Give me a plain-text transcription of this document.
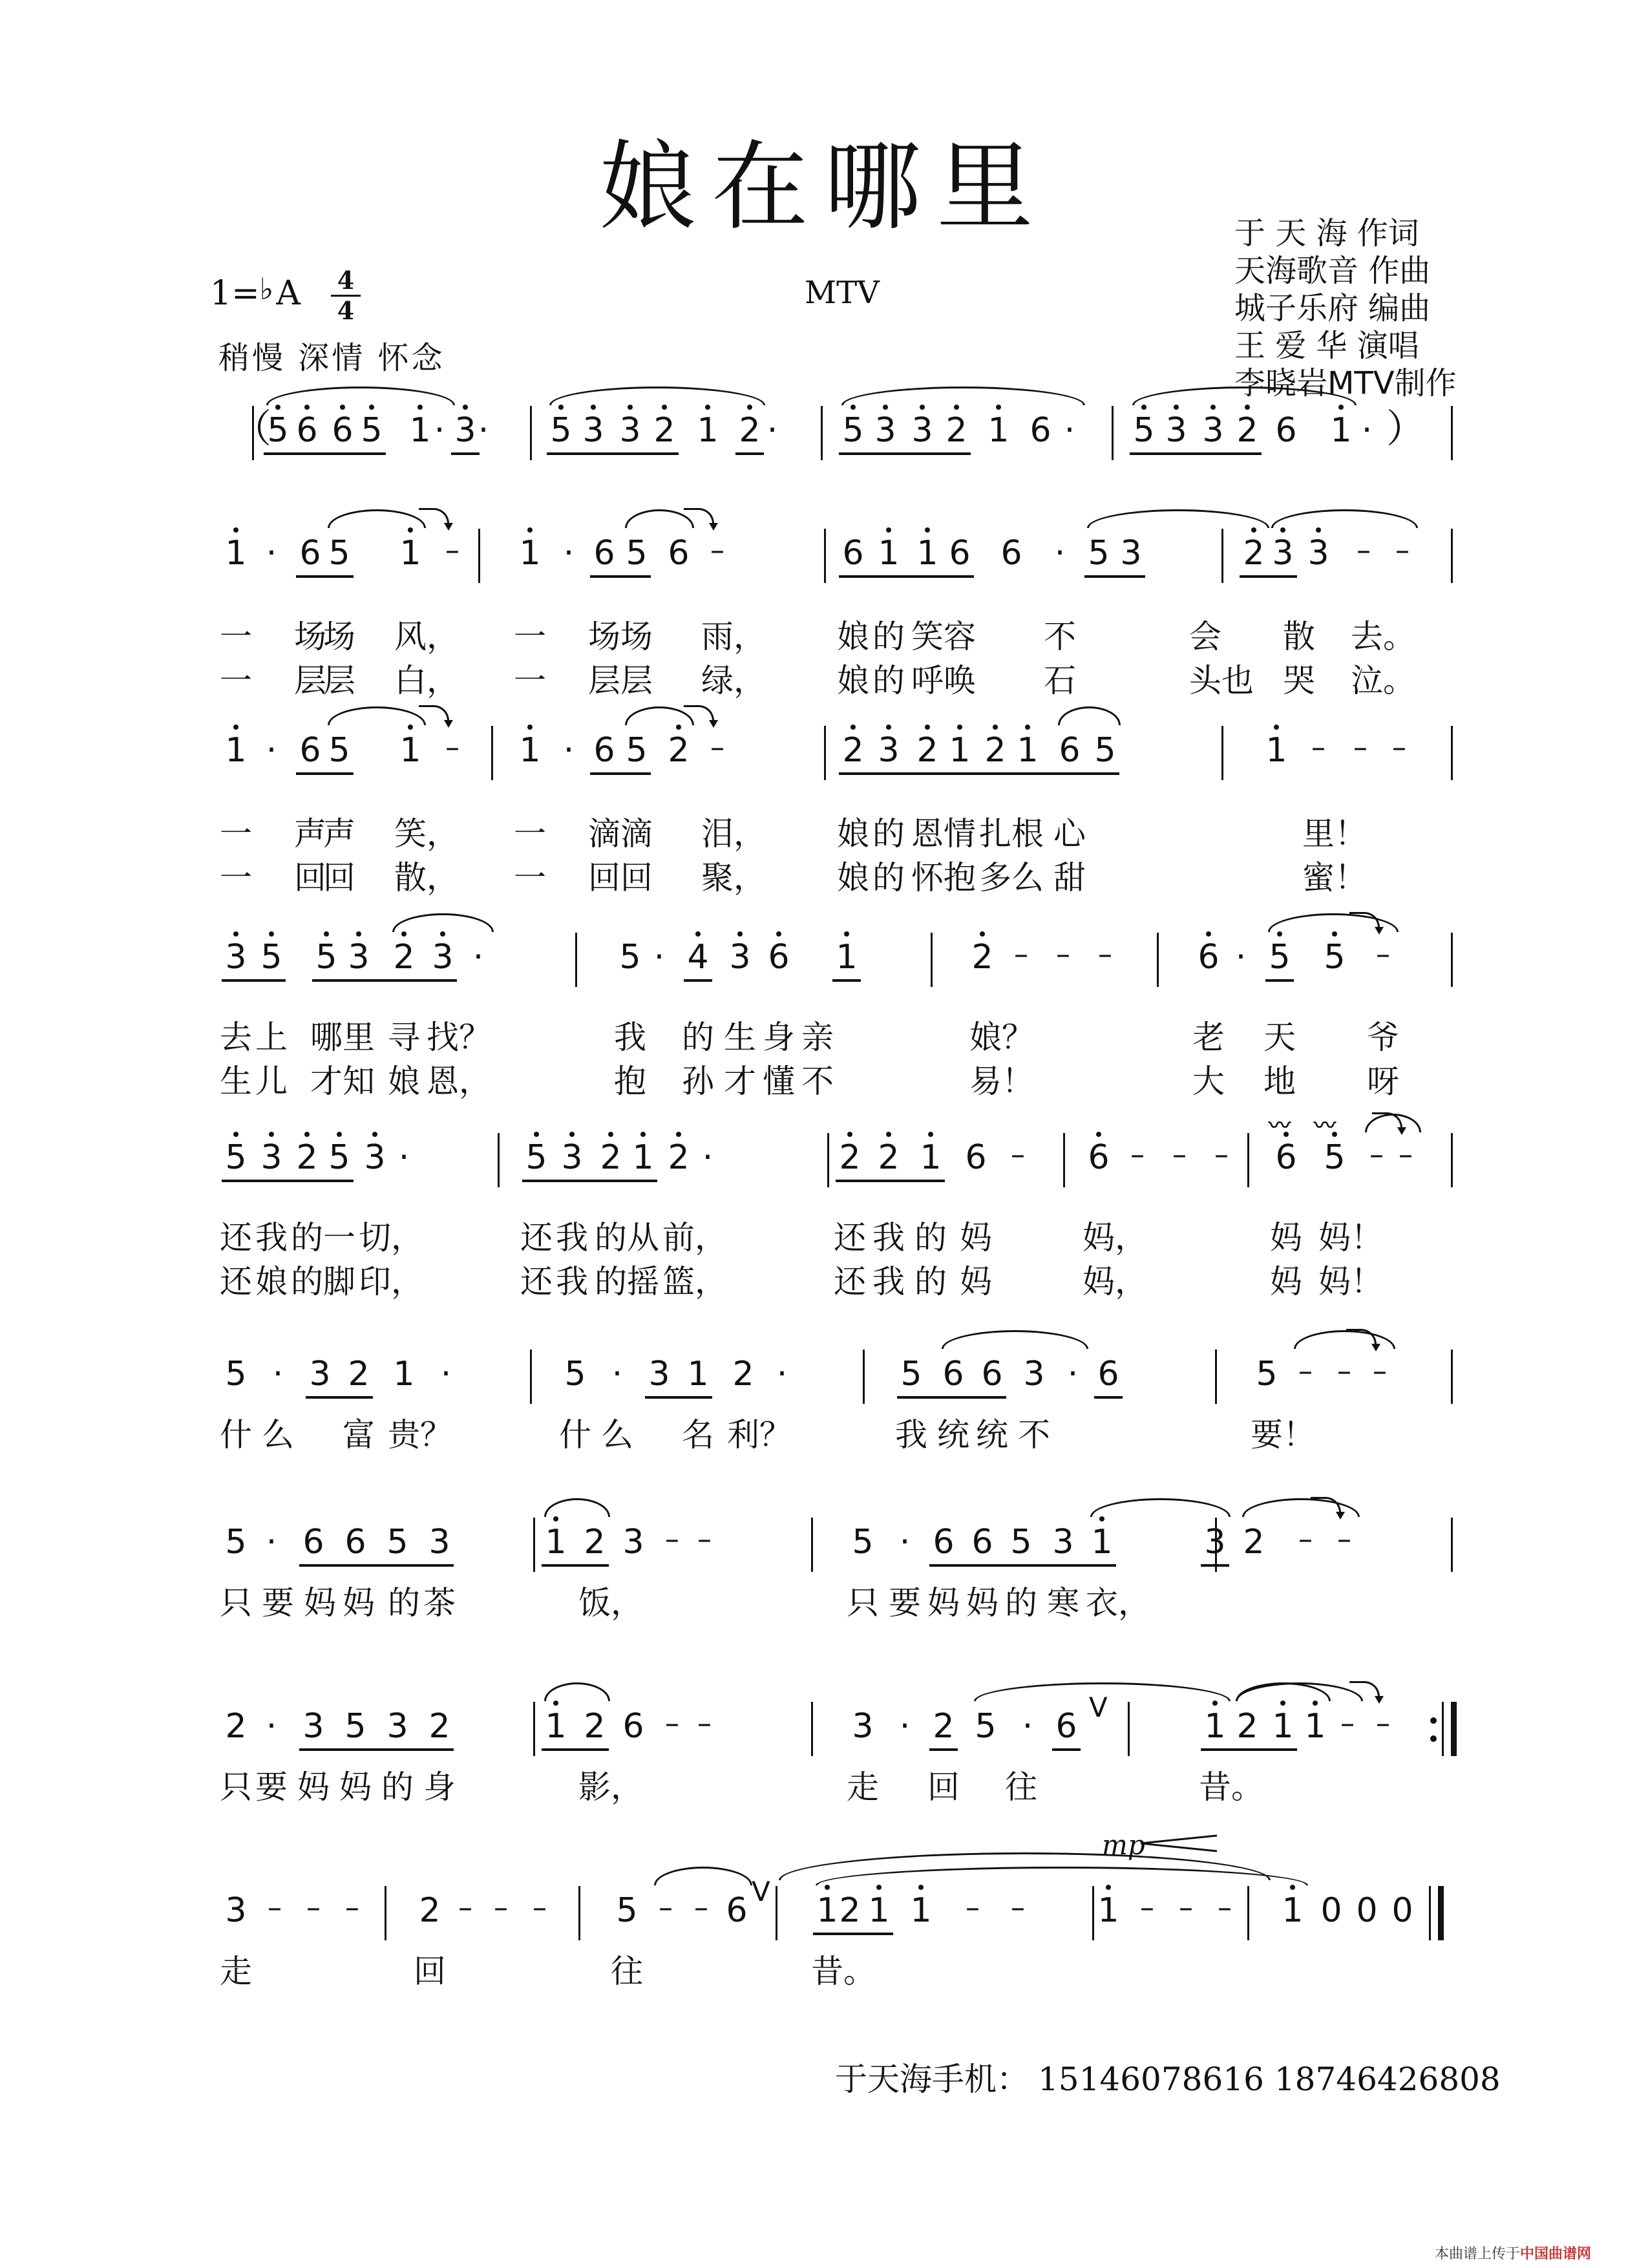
娘在哪里
MTV
1=♭A 4
4
稍慢 深情 怀念
于 天 海 作词
天海歌音 作曲
城子乐府 编曲
王 爱 华 演唱
李晓岩MTV制作
（	）
5 6 6 5 1 · 3 ·	5 3 3 2 1 2 ·	5 3 3 2 1 6 ·	5 3 3 2 6 1 ·
1 · 6 5 1 – 1 · 6 5 6 –	6 1 1 6 6 · 5 3	2 3 3 – –
一 场
场 风， 一 场 场 雨， 娘 的 笑 容 不	会 散 去。
一 层
层 白， 一 层 层 绿， 娘 的 呼 唤 石	头也 哭 泣。
1 · 6 5 1 – 1 · 6 5 2 –	2 3 2 1 2 1 6 5	1 – – –
一 声
声 笑， 一 滴 滴 泪， 娘 的 恩 情 扎 根 心	里！
一 回
回 散， 一 回 回 聚， 娘 的 怀 抱 多 么 甜	蜜！
3 5 5 3 2 3 ·	5 · 4 3 6 1	2 – – –	6 · 5 5	–
去 上 哪 里 寻 找？	我 的 生 身 亲	娘？	老 天 爷
生 儿 才 知 娘 恩，	抱 孙 才 懂 不	易！	大 地 呀
5 3 2 5 3 ·	5 3 2 1 2 ·	2 2 1 6 – 6 – – – 6 5 – –
〰 〰
还 我 的 一 切，	还 我 的 从 前，	还 我 的 妈	妈，	妈 妈！
还 娘 的 脚 印，	还 我 的 摇 篮，	还 我 的 妈	妈，	妈 妈！
5 · 3 2 1 ·	5 · 3 1 2 ·	5 6 6 3 · 6	5 – – –
什 么 富 贵？	什 么 名 利？	我 统 统 不	要！
5 · 6 6 5 3	1 2 3 – –	5 · 6 6 5 3 1	3 2	– –
只 要 妈 妈 的 茶	饭，	只 要 妈 妈 的 寒 衣，
2 · 3 5 3 2	1 2 6 – –	3 · 2 5 · 6	1 2 1 1 – –
V
只 要 妈 妈 的 身	影，	走 回 往	昔。
3 – – – 2 – – – 5 – – 6 1 2 1 1	–	– 1 – – – 1 0 0 0
V
mp
走	回	往	昔。
于天海手机： 15146078616 18746426808
本曲谱上传于中国曲谱网
